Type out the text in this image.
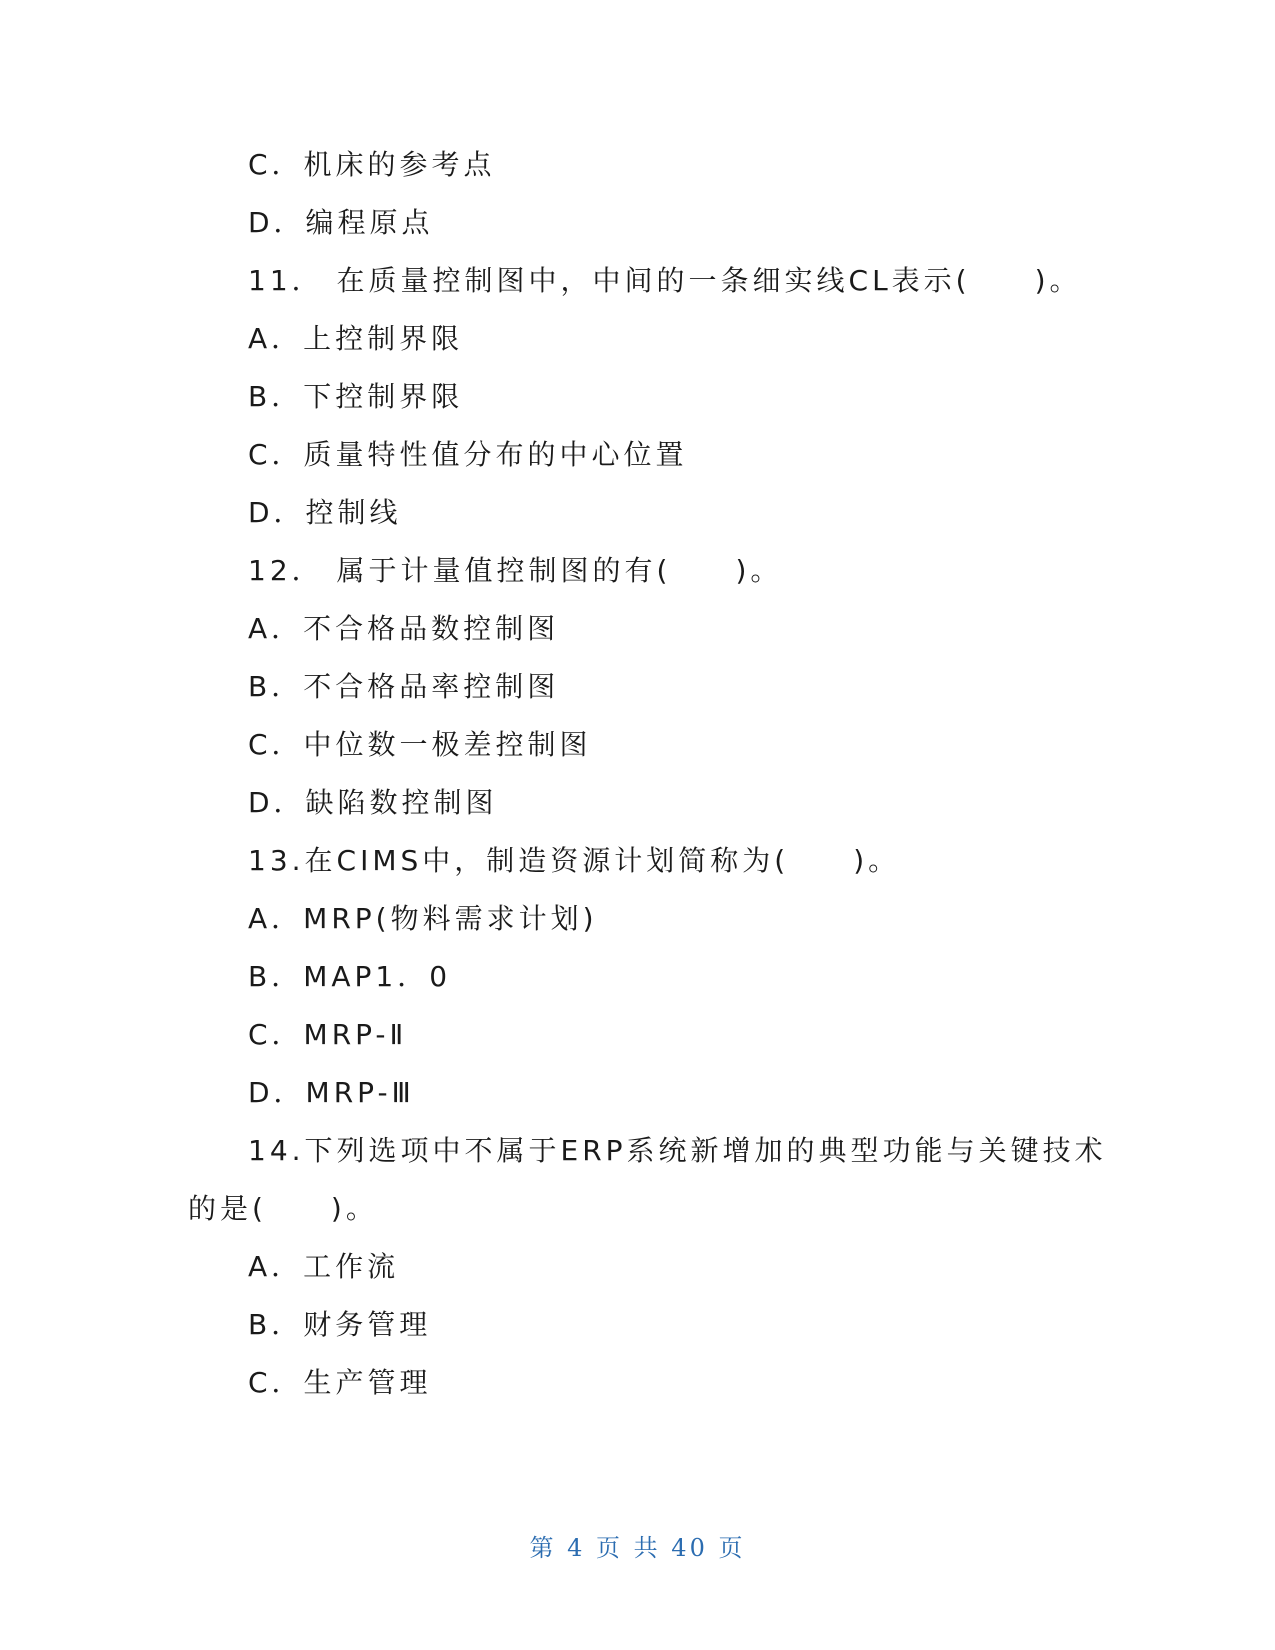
C．机床的参考点
D．编程原点
11． 在质量控制图中，中间的一条细实线CL表示(　　)。
A．上控制界限
B．下控制界限
C．质量特性值分布的中心位置
D．控制线
12． 属于计量值控制图的有(　　)。
A．不合格品数控制图
B．不合格品率控制图
C．中位数一极差控制图
D．缺陷数控制图
13.在CIMS中，制造资源计划简称为(　　)。
A．MRP(物料需求计划)
B．MAP1．0
C．MRP-Ⅱ
D．MRP-Ⅲ
14.下列选项中不属于ERP系统新增加的典型功能与关键技术
的是(　　)。
A．工作流
B．财务管理
C．生产管理
第 4 页 共 40 页
